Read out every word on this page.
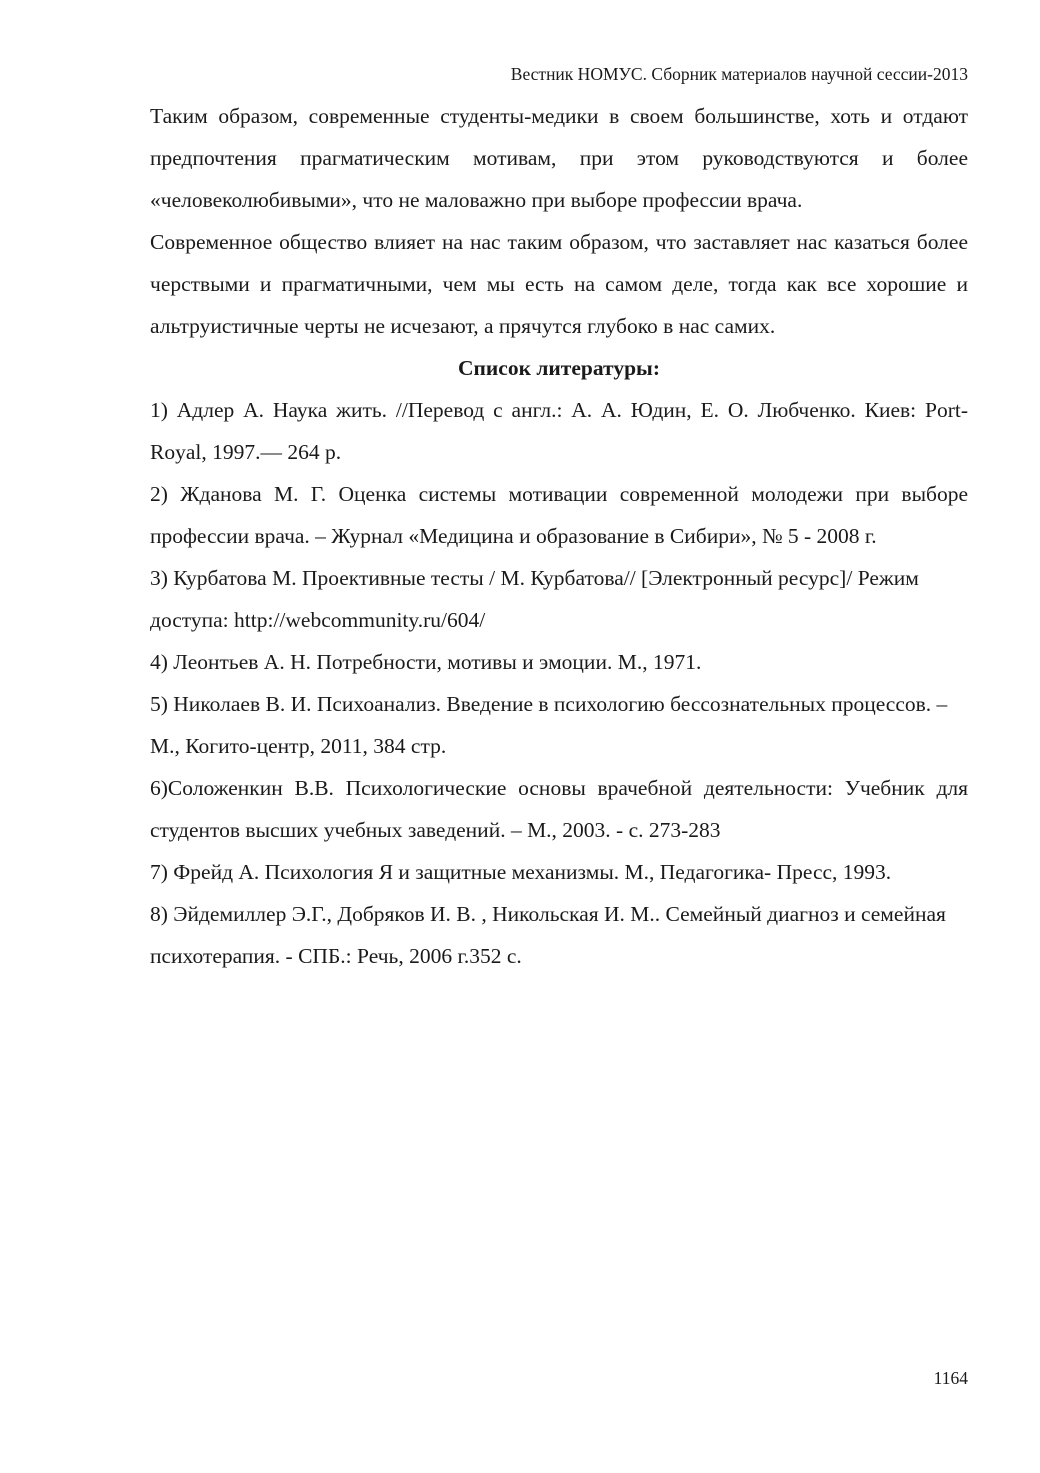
Вестник НОМУС. Сборник материалов научной сессии-2013

Таким образом, современные студенты-медики в своем большинстве, хоть и отдают предпочтения прагматическим мотивам, при этом руководствуются и более «человеколюбивыми», что не маловажно при выборе профессии врача.

Современное общество влияет на нас таким образом, что заставляет нас казаться более черствыми и прагматичными, чем мы есть на самом деле, тогда как все хорошие и альтруистичные черты не исчезают, а прячутся глубоко в нас самих.

Список литературы:

1) Адлер А. Наука жить. //Перевод с англ.: А. А. Юдин, Е. О. Любченко. Киев: Port-Royal, 1997.— 264 р.

2) Жданова М. Г. Оценка системы мотивации современной молодежи при выборе профессии врача. – Журнал «Медицина и образование в Сибири», № 5 - 2008 г.

3) Курбатова М. Проективные тесты / М. Курбатова// [Электронный ресурс]/ Режим доступа: http://webcommunity.ru/604/

4) Леонтьев А. Н. Потребности, мотивы и эмоции. М., 1971.

5) Николаев В. И. Психоанализ. Введение в психологию бессознательных процессов. – М., Когито-центр, 2011, 384 стр.

6)Соложенкин В.В. Психологические основы врачебной деятельности: Учебник для студентов высших учебных заведений. – М., 2003. - с. 273-283

7) Фрейд А. Психология Я и защитные механизмы. М., Педагогика- Пресс, 1993.

8) Эйдемиллер Э.Г., Добряков И. В. , Никольская И. М.. Семейный диагноз и семейная психотерапия. - СПБ.: Речь, 2006 г.352 с.

1164
